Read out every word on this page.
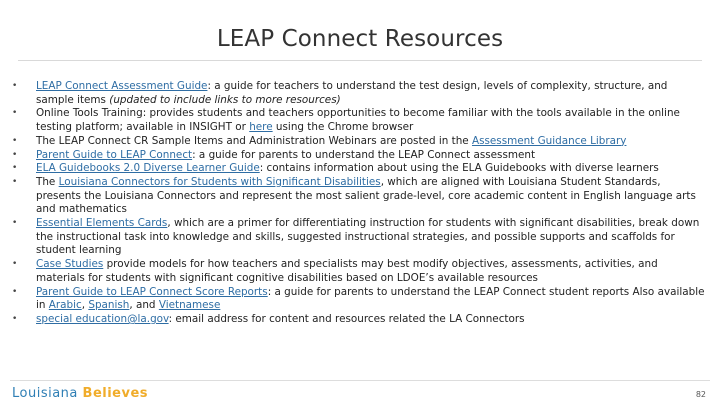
LEAP Connect Resources
• LEAP Connect Assessment Guide: a guide for teachers to understand the test design, levels of complexity, structure, and sample items (updated to include links to more resources)
• Online Tools Training: provides students and teachers opportunities to become familiar with the tools available in the online testing platform; available in INSIGHT or here using the Chrome browser
• The LEAP Connect CR Sample Items and Administration Webinars are posted in the Assessment Guidance Library
• Parent Guide to LEAP Connect: a guide for parents to understand the LEAP Connect assessment
• ELA Guidebooks 2.0 Diverse Learner Guide: contains information about using the ELA Guidebooks with diverse learners
• The Louisiana Connectors for Students with Significant Disabilities, which are aligned with Louisiana Student Standards, presents the Louisiana Connectors and represent the most salient grade-level, core academic content in English language arts and mathematics
• Essential Elements Cards, which are a primer for differentiating instruction for students with significant disabilities, break down the instructional task into knowledge and skills, suggested instructional strategies, and possible supports and scaffolds for student learning
• Case Studies provide models for how teachers and specialists may best modify objectives, assessments, activities, and materials for students with significant cognitive disabilities based on LDOE’s available resources
• Parent Guide to LEAP Connect Score Reports: a guide for parents to understand the LEAP Connect student reports Also available in Arabic, Spanish, and Vietnamese
• special education@la.gov: email address for content and resources related the LA Connectors
Louisiana Believes	82
